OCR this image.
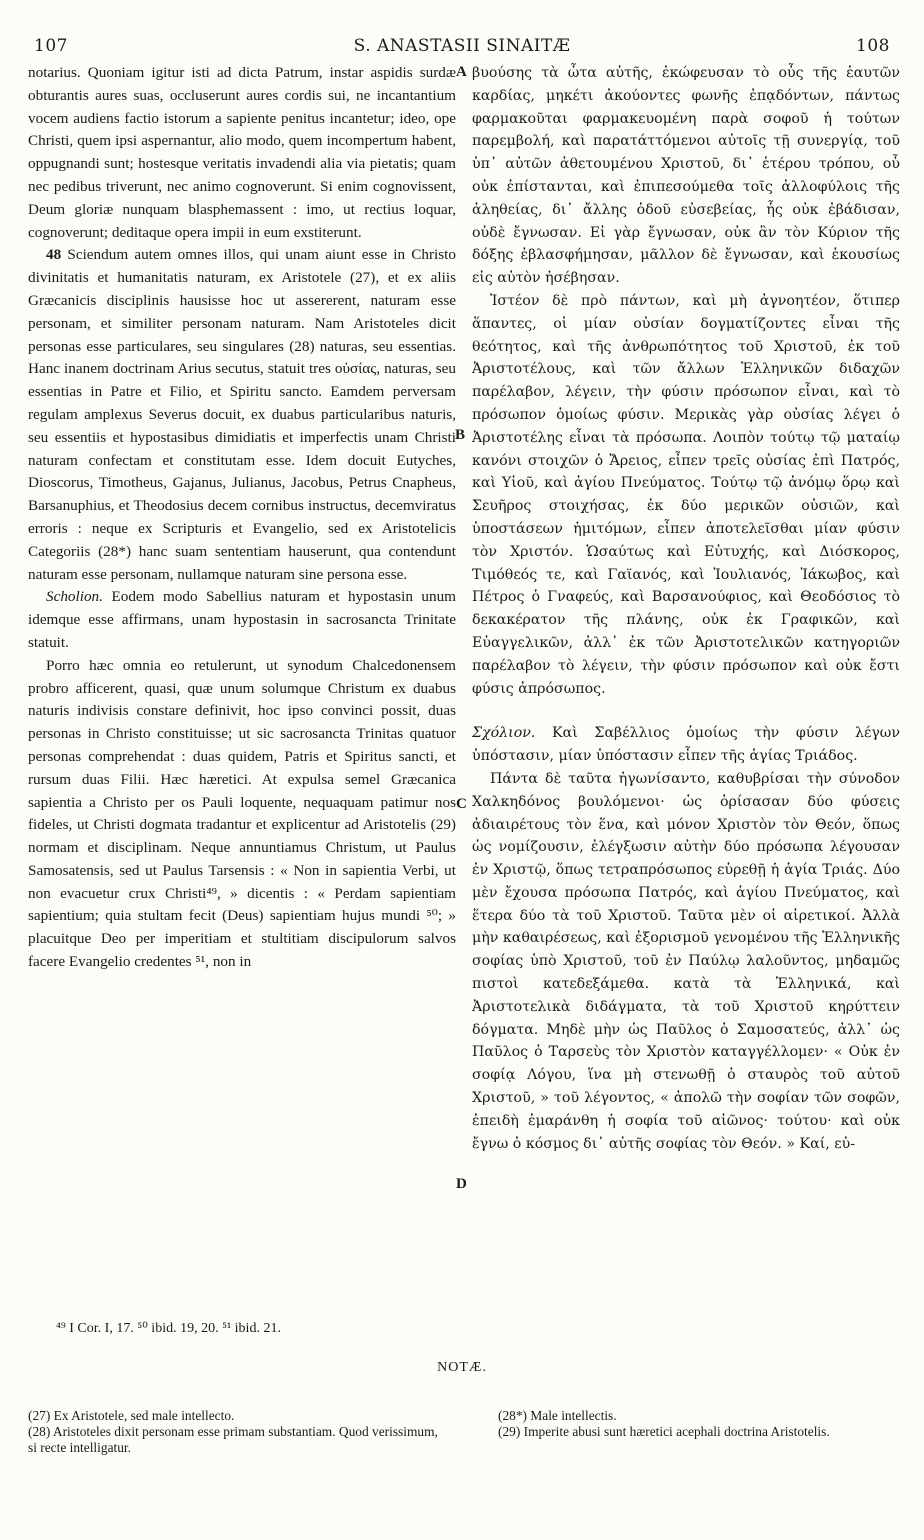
107	S. ANASTASII SINAITÆ	108

notarius. Quoniam igitur isti ad dicta Patrum, instar aspidis surdæ obturantis aures suas, occluserunt aures cordis sui, ne incantantium vocem audiens factio istorum a sapiente penitus incantetur; ideo, ope Christi, quem ipsi aspernantur, alio modo, quem incompertum habent, oppugnandi sunt; hostesque veritatis invadendi alia via pietatis; quam nec pedibus triverunt, nec animo cognoverunt. Si enim cognovissent, Deum gloriæ nunquam blasphemassent : imo, ut rectius loquar, cognoverunt; deditaque opera impii in eum exstiterunt.

48 Sciendum autem omnes illos, qui unam aiunt esse in Christo divinitatis et humanitatis naturam, ex Aristotele (27), et ex aliis Græcanicis disciplinis hausisse hoc ut assererent, naturam esse personam, et similiter personam naturam. Nam Aristoteles dicit personas esse particulares, seu singulares (28) naturas, seu essentias. Hanc inanem doctrinam Arius secutus, statuit tres οὐσίας, naturas, seu essentias in Patre et Filio, et Spiritu sancto. Eamdem perversam regulam amplexus Severus docuit, ex duabus particularibus naturis, seu essentiis et hypostasibus dimidiatis et imperfectis unam Christi naturam confectam et constitutam esse. Idem docuit Eutyches, Dioscorus, Timotheus, Gajanus, Julianus, Jacobus, Petrus Cnapheus, Barsanuphius, et Theodosius decem cornibus instructus, decemviratus erroris : neque ex Scripturis et Evangelio, sed ex Aristotelicis Categoriis (28*) hanc suam sententiam hauserunt, qua contendunt naturam esse personam, nullamque naturam sine persona esse.

Scholion. Eodem modo Sabellius naturam et hypostasin unum idemque esse affirmans, unam hypostasin in sacrosancta Trinitate statuit.

Porro hæc omnia eo retulerunt, ut synodum Chalcedonensem probro afficerent, quasi, quæ unum solumque Christum ex duabus naturis indivisis constare definivit, hoc ipso convinci possit, duas personas in Christo constituisse; ut sic sacrosancta Trinitas quatuor personas comprehendat : duas quidem, Patris et Spiritus sancti, et rursum duas Filii. Hæc hæretici. At expulsa semel Græcanica sapientia a Christo per os Pauli loquente, nequaquam patimur nos fideles, ut Christi dogmata tradantur et explicentur ad Aristotelis (29) normam et disciplinam. Neque annuntiamus Christum, ut Paulus Samosatensis, sed ut Paulus Tarsensis : « Non in sapientia Verbi, ut non evacuetur crux Christi⁴⁹, » dicentis : « Perdam sapientiam sapientium; quia stultam fecit (Deus) sapientiam hujus mundi ⁵⁰; » placuitque Deo per imperitiam et stultitiam discipulorum salvos facere Evangelio credentes ⁵¹, non in

A
B
C
D

βυούσης τὰ ὦτα αὐτῆς, ἐκώφευσαν τὸ οὖς τῆς ἑαυτῶν καρδίας, μηκέτι ἀκούοντες φωνῆς ἐπᾳδόντων, πάντως φαρμακοῦται φαρμακευομένη παρὰ σοφοῦ ἡ τούτων παρεμβολή, καὶ παρατάττόμενοι αὐτοῖς τῇ συνεργίᾳ, τοῦ ὑπ᾽ αὐτῶν ἀθετουμένου Χριστοῦ, δι᾽ ἑτέρου τρόπου, οὗ οὐκ ἐπίστανται, καὶ ἐπιπεσούμεθα τοῖς ἀλλοφύλοις τῆς ἀληθείας, δι᾽ ἄλλης ὁδοῦ εὐσεβείας, ἧς οὐκ ἐβάδισαν, οὐδὲ ἔγνωσαν. Εἰ γὰρ ἔγνωσαν, οὐκ ἂν τὸν Κύριον τῆς δόξης ἐβλασφήμησαν, μᾶλλον δὲ ἔγνωσαν, καὶ ἑκουσίως εἰς αὐτὸν ἠσέβησαν.

Ἰστέον δὲ πρὸ πάντων, καὶ μὴ ἀγνοητέον, ὅτιπερ ἅπαντες, οἱ μίαν οὐσίαν δογματίζοντες εἶναι τῆς θεότητος, καὶ τῆς ἀνθρωπότητος τοῦ Χριστοῦ, ἐκ τοῦ Ἀριστοτέλους, καὶ τῶν ἄλλων Ἑλληνικῶν διδαχῶν παρέλαβον, λέγειν, τὴν φύσιν πρόσωπον εἶναι, καὶ τὸ πρόσωπον ὁμοίως φύσιν. Μερικὰς γὰρ οὐσίας λέγει ὁ Ἀριστοτέλης εἶναι τὰ πρόσωπα. Λοιπὸν τούτῳ τῷ ματαίῳ κανόνι στοιχῶν ὁ Ἄρειος, εἶπεν τρεῖς οὐσίας ἐπὶ Πατρός, καὶ Υἱοῦ, καὶ ἁγίου Πνεύματος. Τούτῳ τῷ ἀνόμῳ ὅρῳ καὶ Σευῆρος στοιχήσας, ἐκ δύο μερικῶν οὐσιῶν, καὶ ὑποστάσεων ἡμιτόμων, εἶπεν ἀποτελεῖσθαι μίαν φύσιν τὸν Χριστόν. Ὡσαύτως καὶ Εὐτυχής, καὶ Διόσκορος, Τιμόθεός τε, καὶ Γαϊανός, καὶ Ἰουλιανός, Ἰάκωβος, καὶ Πέτρος ὁ Γναφεύς, καὶ Βαρσανούφιος, καὶ Θεοδόσιος τὸ δεκακέρατον τῆς πλάνης, οὐκ ἐκ Γραφικῶν, καὶ Εὐαγγελικῶν, ἀλλ᾽ ἐκ τῶν Ἀριστοτελικῶν κατηγοριῶν παρέλαβον τὸ λέγειν, τὴν φύσιν πρόσωπον καὶ οὐκ ἔστι φύσις ἀπρόσωπος.

Σχόλιον. Καὶ Σαβέλλιος ὁμοίως τὴν φύσιν λέγων ὑπόστασιν, μίαν ὑπόστασιν εἶπεν τῆς ἁγίας Τριάδος.

Πάντα δὲ ταῦτα ἠγωνίσαντο, καθυβρίσαι τὴν σύνοδον Χαλκηδόνος βουλόμενοι· ὡς ὁρίσασαν δύο φύσεις ἀδιαιρέτους τὸν ἕνα, καὶ μόνον Χριστὸν τὸν Θεόν, ὅπως ὡς νομίζουσιν, ἐλέγξωσιν αὐτὴν δύο πρόσωπα λέγουσαν ἐν Χριστῷ, ὅπως τετραπρόσωπος εὑρεθῇ ἡ ἁγία Τριάς. Δύο μὲν ἔχουσα πρόσωπα Πατρός, καὶ ἁγίου Πνεύματος, καὶ ἕτερα δύο τὰ τοῦ Χριστοῦ. Ταῦτα μὲν οἱ αἱρετικοί. Ἀλλὰ μὴν καθαιρέσεως, καὶ ἐξορισμοῦ γενομένου τῆς Ἑλληνικῆς σοφίας ὑπὸ Χριστοῦ, τοῦ ἐν Παύλῳ λαλοῦντος, μηδαμῶς πιστοὶ κατεδεξάμεθα. κατὰ τὰ Ἑλληνικά, καὶ Ἀριστοτελικὰ διδάγματα, τὰ τοῦ Χριστοῦ κηρύττειν δόγματα. Μηδὲ μὴν ὡς Παῦλος ὁ Σαμοσατεύς, ἀλλ᾽ ὡς Παῦλος ὁ Ταρσεὺς τὸν Χριστὸν καταγγέλλομεν· « Οὐκ ἐν σοφίᾳ Λόγου, ἵνα μὴ στενωθῇ ὁ σταυρὸς τοῦ αὐτοῦ Χριστοῦ, » τοῦ λέγοντος, « ἀπολῶ τὴν σοφίαν τῶν σοφῶν, ἐπειδὴ ἐμαράνθη ἡ σοφία τοῦ αἰῶνος· τούτου· καὶ οὐκ ἔγνω ὁ κόσμος δι᾽ αὐτῆς σοφίας τὸν Θεόν. » Καί, εὐ-

⁴⁹ I Cor. I, 17. ⁵⁰ ibid. 19, 20. ⁵¹ ibid. 21.
NOTÆ.

(27) Ex Aristotele, sed male intellecto.

(28) Aristoteles dixit personam esse primam substantiam. Quod verissimum, si recte intelligatur.

(28*) Male intellectis.

(29) Imperite abusi sunt hæretici acephali doctrina Aristotelis.
